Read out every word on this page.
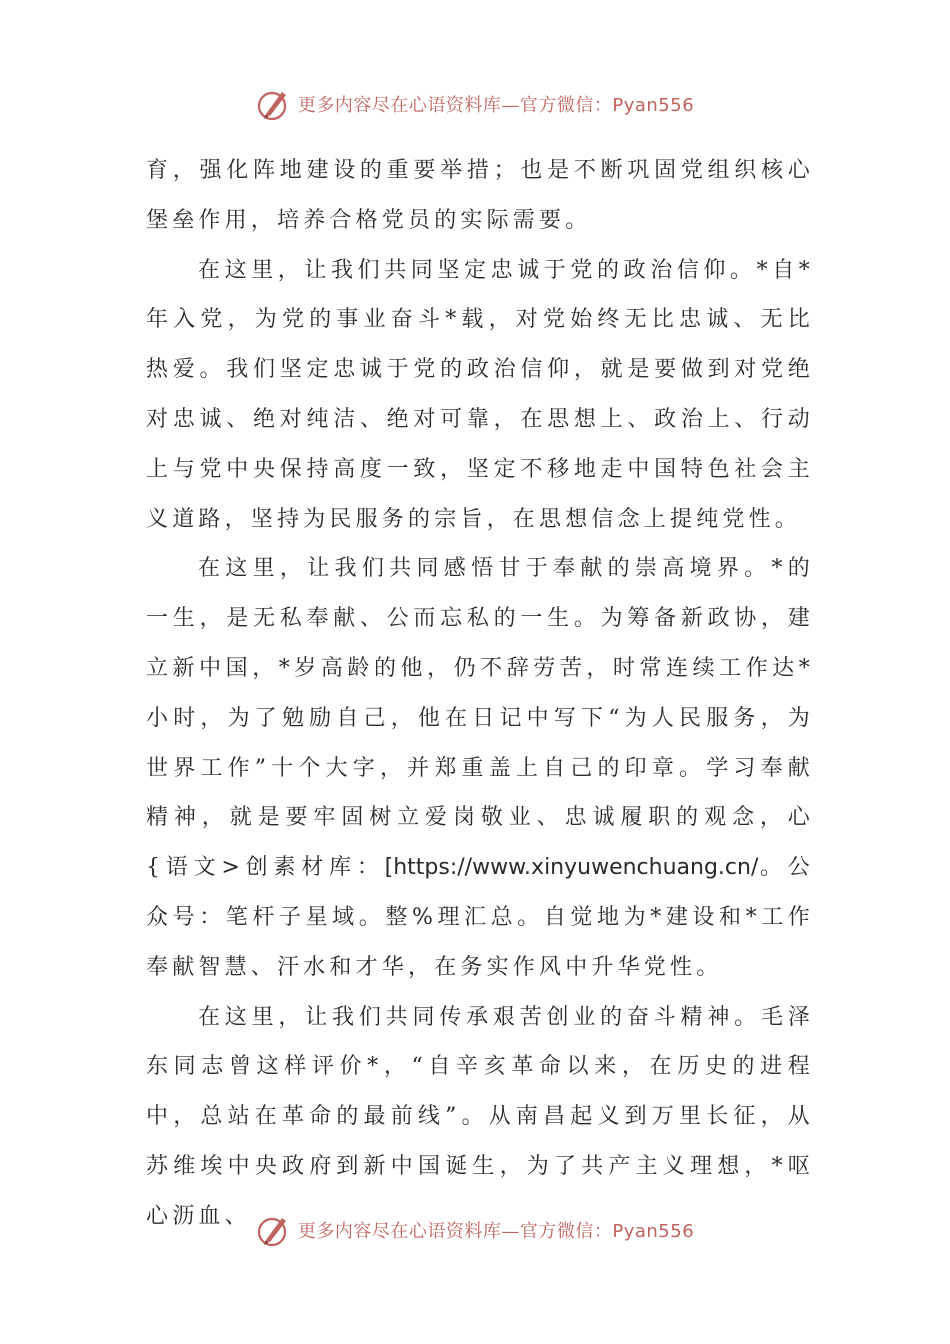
更多内容尽在心语资料库—官方微信：Pyan556

育，强化阵地建设的重要举措；也是不断巩固党组织核心堡垒作用，培养合格党员的实际需要。

在这里，让我们共同坚定忠诚于党的政治信仰。*自*年入党，为党的事业奋斗*载，对党始终无比忠诚、无比热爱。我们坚定忠诚于党的政治信仰，就是要做到对党绝对忠诚、绝对纯洁、绝对可靠，在思想上、政治上、行动上与党中央保持高度一致，坚定不移地走中国特色社会主义道路，坚持为民服务的宗旨，在思想信念上提纯党性。

在这里，让我们共同感悟甘于奉献的崇高境界。*的一生，是无私奉献、公而忘私的一生。为筹备新政协，建立新中国，*岁高龄的他，仍不辞劳苦，时常连续工作达*小时，为了勉励自己，他在日记中写下“为人民服务，为世界工作”十个大字，并郑重盖上自己的印章。学习奉献精神，就是要牢固树立爱岗敬业、忠诚履职的观念，心{语文>创素材库：[https://www.xinyuwenchuang.cn/。公众号：笔杆子星域。整%理汇总。自觉地为*建设和*工作奉献智慧、汗水和才华，在务实作风中升华党性。

在这里，让我们共同传承艰苦创业的奋斗精神。毛泽东同志曾这样评价*，“自辛亥革命以来，在历史的进程中，总站在革命的最前线”。从南昌起义到万里长征，从苏维埃中央政府到新中国诞生，为了共产主义理想，*呕心沥血、

更多内容尽在心语资料库—官方微信：Pyan556
